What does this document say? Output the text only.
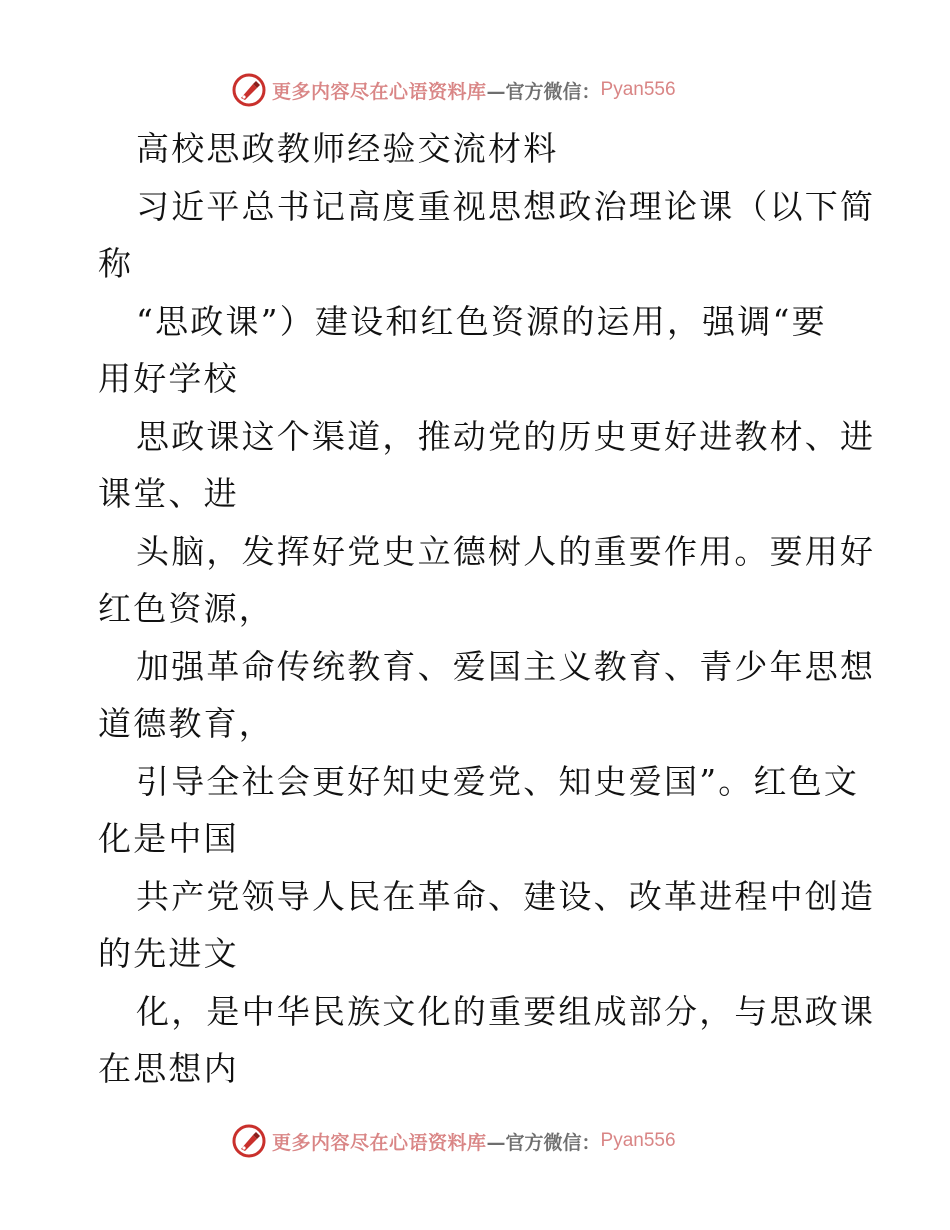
更多内容尽在心语资料库 —官方微信： Pyan556
高校思政教师经验交流材料
习近平总书记高度重视思想政治理论课（以下简
称
“思政课”）建设和红色资源的运用，强调“要
用好学校
思政课这个渠道，推动党的历史更好进教材、进
课堂、进
头脑，发挥好党史立德树人的重要作用。要用好
红色资源，
加强革命传统教育、爱国主义教育、青少年思想
道德教育，
引导全社会更好知史爱党、知史爱国”。红色文
化是中国
共产党领导人民在革命、建设、改革进程中创造
的先进文
化，是中华民族文化的重要组成部分，与思政课
在思想内
更多内容尽在心语资料库 —官方微信： Pyan556
